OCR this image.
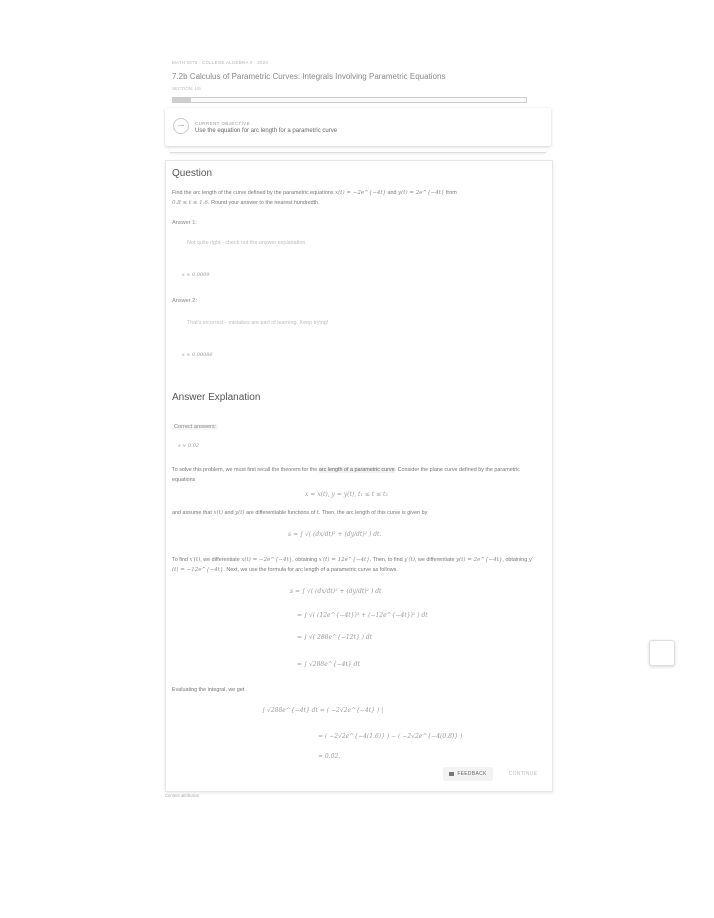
MATH 0078 · COLLEGE ALGEBRA II · 2024
7.2b Calculus of Parametric Curves: Integrals Involving Parametric Equations
SECTION: 1/6
CURRENT OBJECTIVE
Use the equation for arc length for a parametric curve
Question
Find the arc length of the curve defined by the parametric equations x(t) = −2e^{−4t} and y(t) = 2e^{−4t} from
0.8 ≤ t ≤ 1.6. Round your answer to the nearest hundredth.
Answer 1:
Not quite right - check out the answer explanation.
s ≈ 0.0009
Answer 2:
That's incorrect - mistakes are part of learning. Keep trying!
s ≈ 0.00086
Answer Explanation
Correct answers:
s ≈ 0.02
To solve this problem, we must first recall the theorem for the arc length of a parametric curve. Consider the plane curve defined by the parametric equations
x = x(t), y = y(t), t₁ ≤ t ≤ t₂
and assume that x(t) and y(t) are differentiable functions of t. Then, the arc length of this curve is given by
s = ∫ √( (dx/dt)² + (dy/dt)² ) dt.
To find x′(t), we differentiate x(t) = −2e^{−4t}, obtaining x′(t) = 12e^{−4t}. Then, to find y′(t), we differentiate y(t) = 2e^{−4t}, obtaining y′(t) = −12e^{−4t}. Next, we use the formula for arc length of a parametric curve as follows.
s = ∫ √( (dx/dt)² + (dy/dt)² ) dt
= ∫ √( (12e^{−4t})² + (−12e^{−4t})² ) dt
= ∫ √( 288e^{−12t} ) dt
= ∫ √288e^{−4t} dt
Evaluating the integral, we get
∫ √288e^{−4t} dt = ( −2√2e^{−4t} ) |
= ( −2√2e^{−4(1.6)} ) − ( −2√2e^{−4(0.8)} )
≈ 0.02.
FEEDBACK	CONTINUE
Content attribution
